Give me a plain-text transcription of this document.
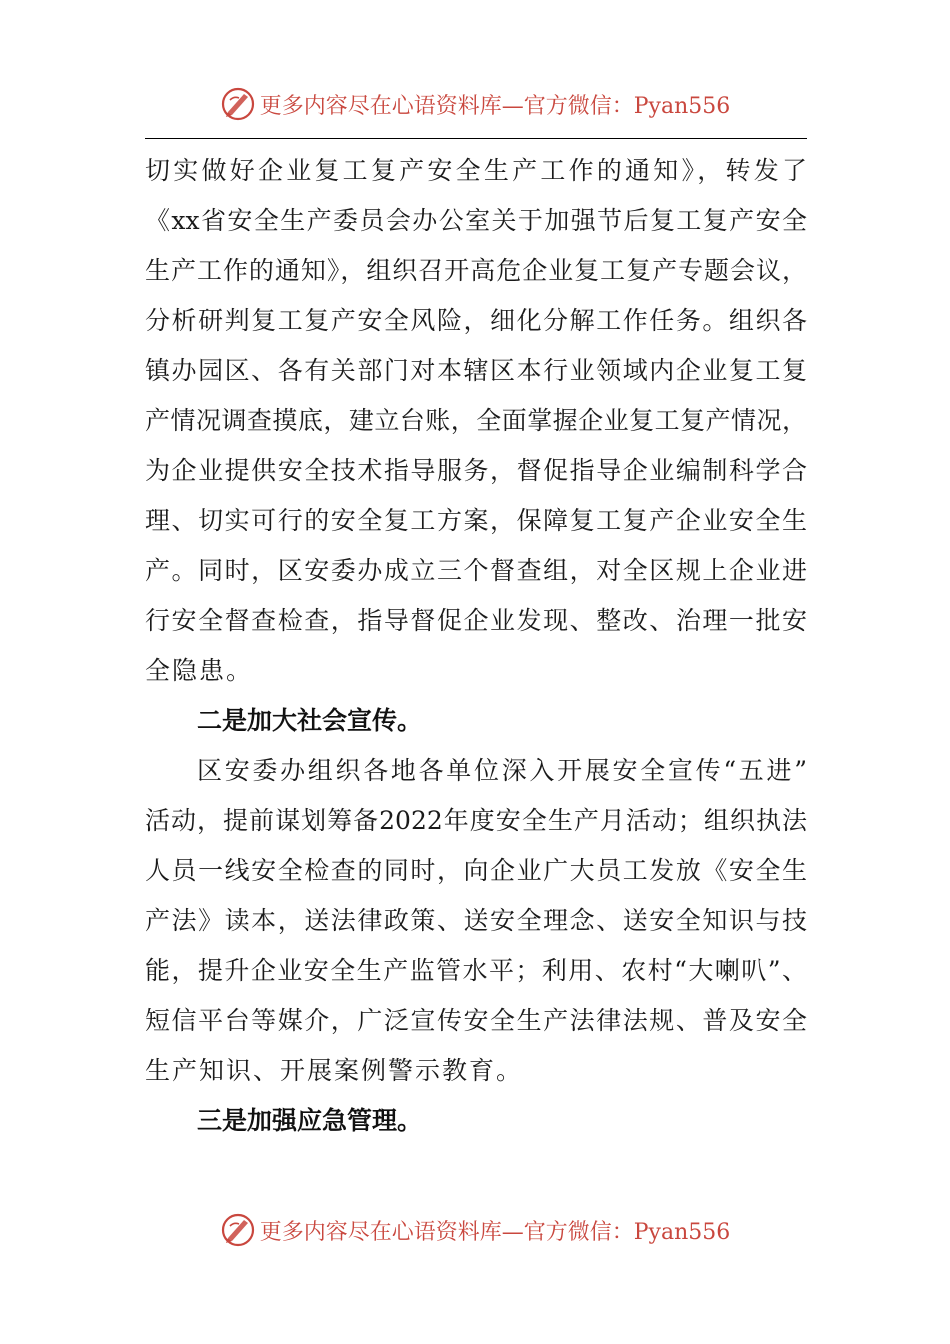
更多内容尽在心语资料库—官方微信：Pyan556
切实做好企业复工复产安全生产工作的通知》，转发了
《xx省安全生产委员会办公室关于加强节后复工复产安全
生产工作的通知》，组织召开高危企业复工复产专题会议，
分析研判复工复产安全风险，细化分解工作任务。组织各
镇办园区、各有关部门对本辖区本行业领域内企业复工复
产情况调查摸底，建立台账，全面掌握企业复工复产情况，
为企业提供安全技术指导服务，督促指导企业编制科学合
理、切实可行的安全复工方案，保障复工复产企业安全生
产。同时，区安委办成立三个督查组，对全区规上企业进
行安全督查检查，指导督促企业发现、整改、治理一批安
全隐患。
二是加大社会宣传。
区安委办组织各地各单位深入开展安全宣传“五进”
活动，提前谋划筹备2022年度安全生产月活动；组织执法
人员一线安全检查的同时，向企业广大员工发放《安全生
产法》读本，送法律政策、送安全理念、送安全知识与技
能，提升企业安全生产监管水平；利用、农村“大喇叭”、
短信平台等媒介，广泛宣传安全生产法律法规、普及安全
生产知识、开展案例警示教育。
三是加强应急管理。
更多内容尽在心语资料库—官方微信：Pyan556
